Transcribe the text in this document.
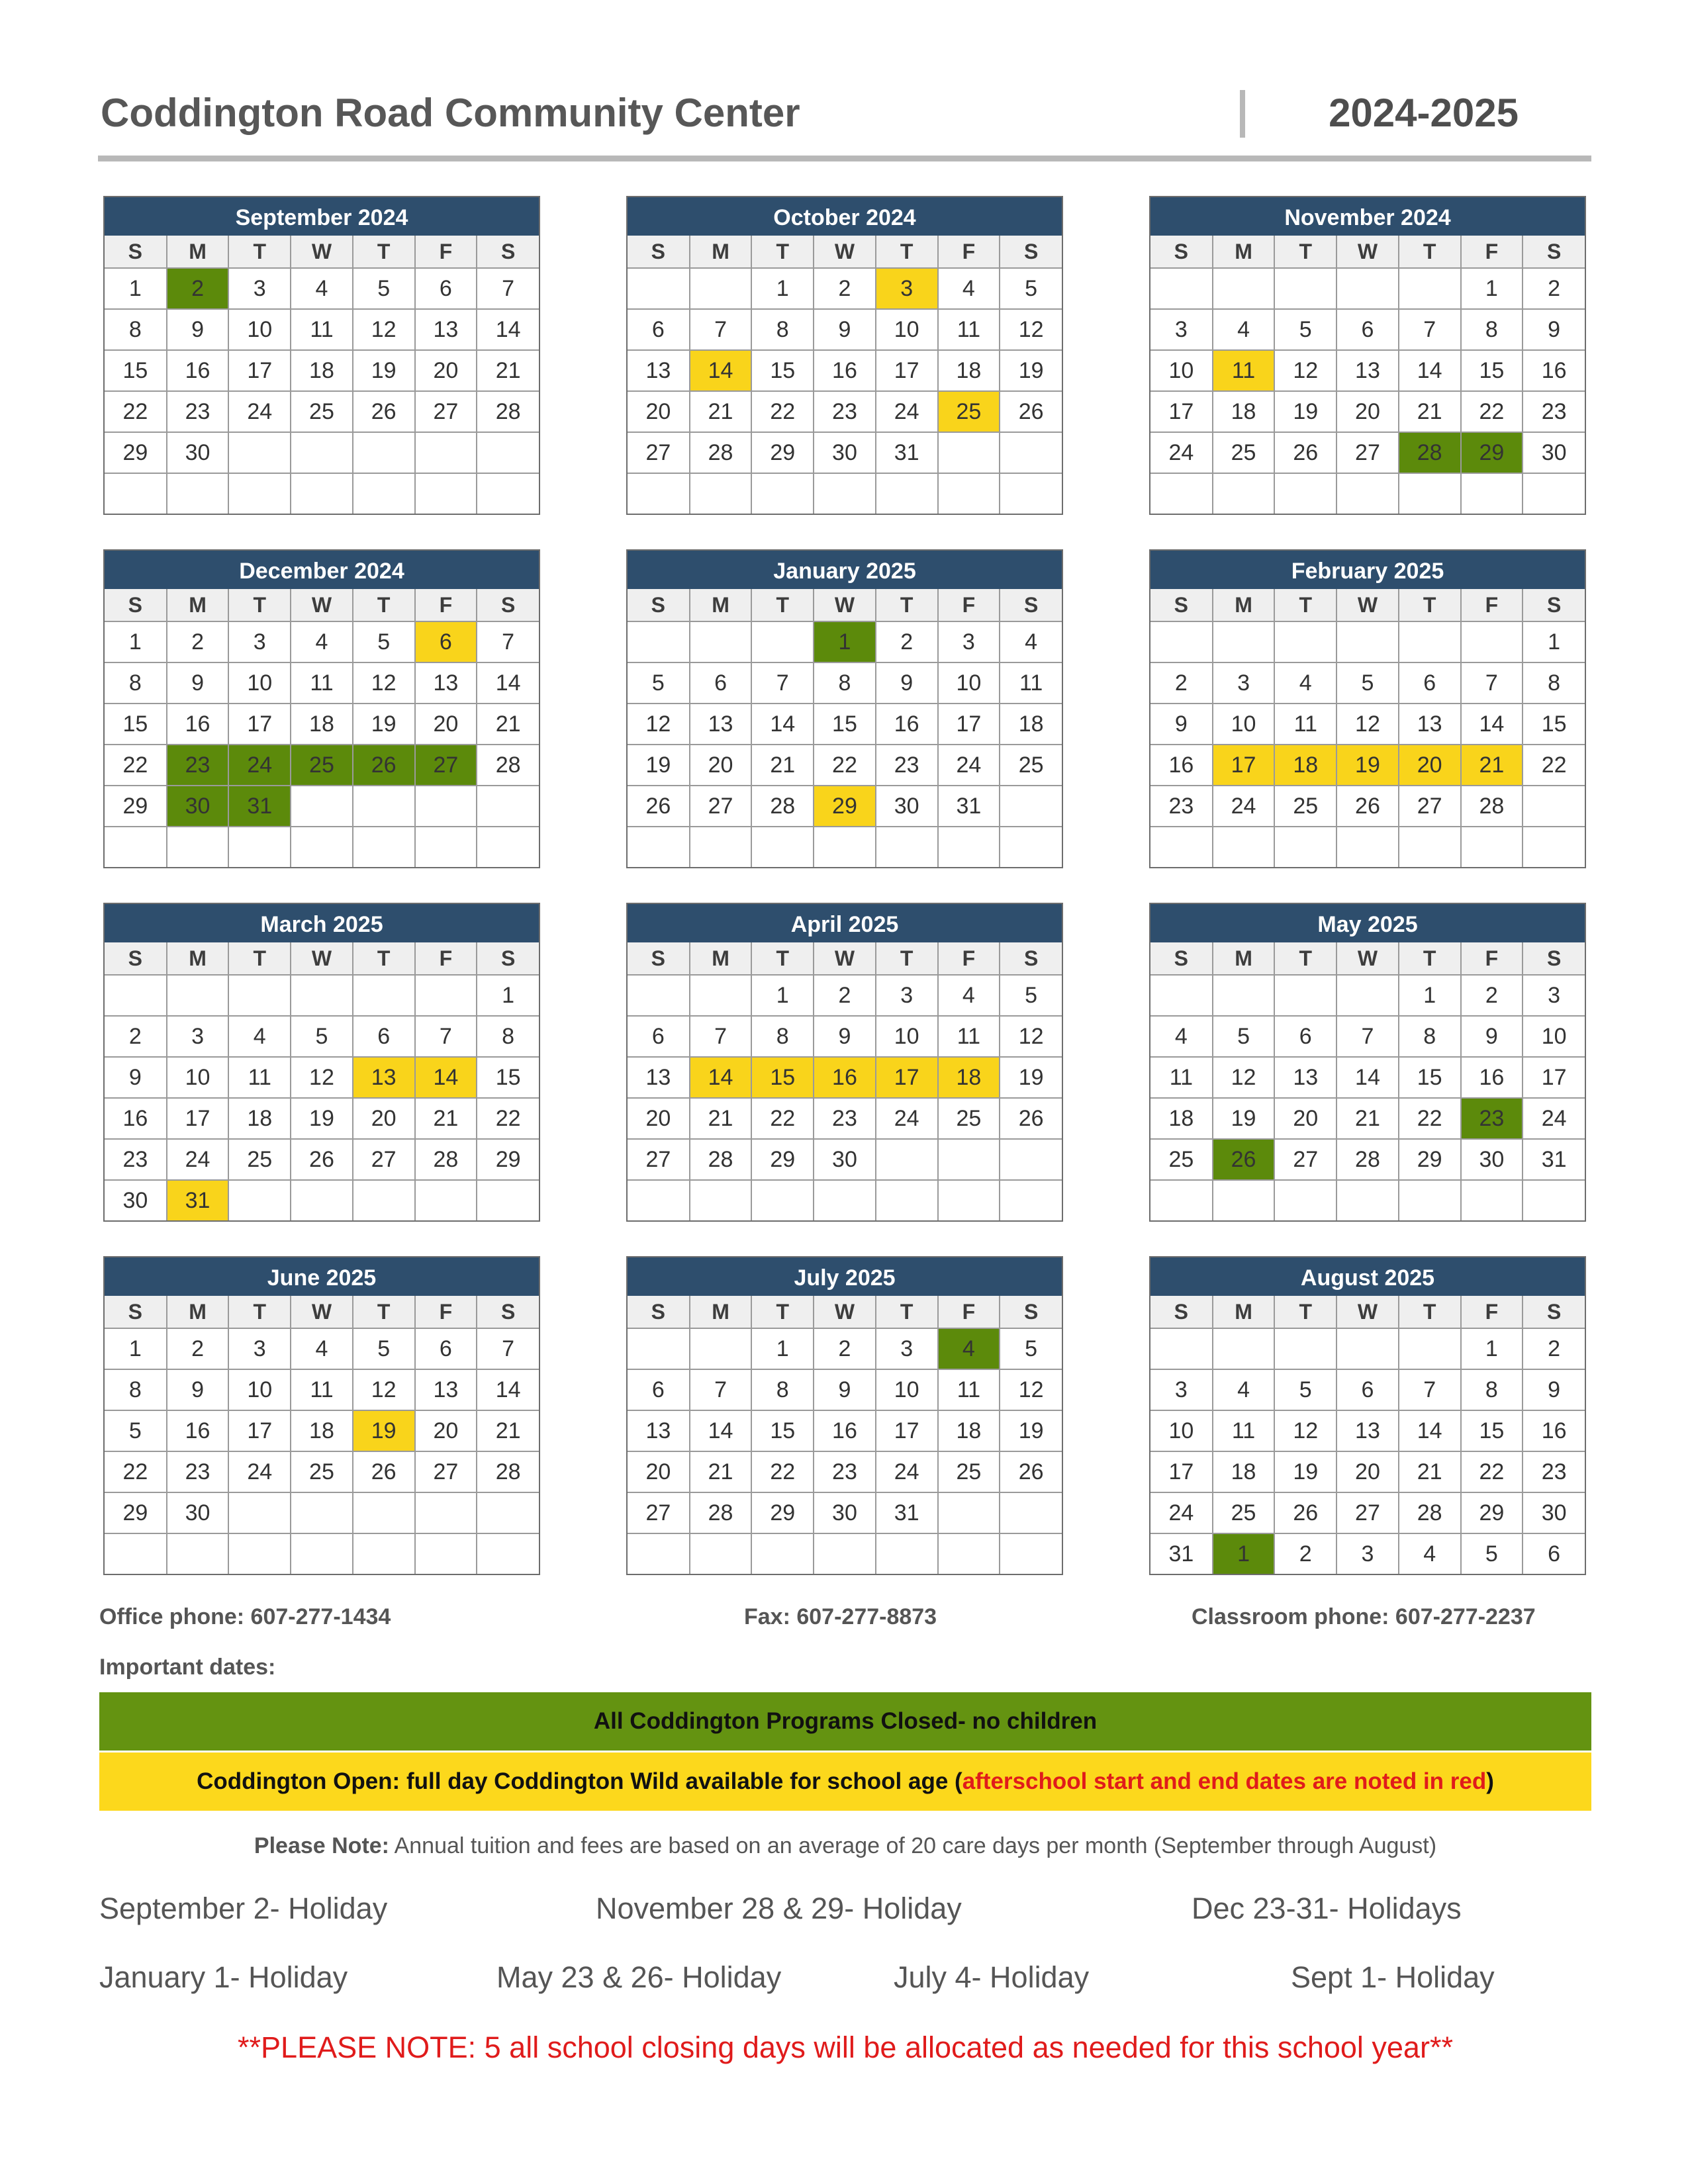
Coddington Road Community Center	2024-2025
September 2024
S	M	T	W	T	F	S
1	2	3	4	5	6	7
8	9	10	11	12	13	14
15	16	17	18	19	20	21
22	23	24	25	26	27	28
29	30					

October 2024
S	M	T	W	T	F	S
		1	2	3	4	5
6	7	8	9	10	11	12
13	14	15	16	17	18	19
20	21	22	23	24	25	26
27	28	29	30	31		

November 2024
S	M	T	W	T	F	S
					1	2
3	4	5	6	7	8	9
10	11	12	13	14	15	16
17	18	19	20	21	22	23
24	25	26	27	28	29	30

December 2024
S	M	T	W	T	F	S
1	2	3	4	5	6	7
8	9	10	11	12	13	14
15	16	17	18	19	20	21
22	23	24	25	26	27	28
29	30	31				

January 2025
S	M	T	W	T	F	S
			1	2	3	4
5	6	7	8	9	10	11
12	13	14	15	16	17	18
19	20	21	22	23	24	25
26	27	28	29	30	31	

February 2025
S	M	T	W	T	F	S
						1
2	3	4	5	6	7	8
9	10	11	12	13	14	15
16	17	18	19	20	21	22
23	24	25	26	27	28	

March 2025
S	M	T	W	T	F	S
						1
2	3	4	5	6	7	8
9	10	11	12	13	14	15
16	17	18	19	20	21	22
23	24	25	26	27	28	29
30	31					
April 2025
S	M	T	W	T	F	S
		1	2	3	4	5
6	7	8	9	10	11	12
13	14	15	16	17	18	19
20	21	22	23	24	25	26
27	28	29	30			

May 2025
S	M	T	W	T	F	S
				1	2	3
4	5	6	7	8	9	10
11	12	13	14	15	16	17
18	19	20	21	22	23	24
25	26	27	28	29	30	31

June 2025
S	M	T	W	T	F	S
1	2	3	4	5	6	7
8	9	10	11	12	13	14
5	16	17	18	19	20	21
22	23	24	25	26	27	28
29	30					

July 2025
S	M	T	W	T	F	S
		1	2	3	4	5
6	7	8	9	10	11	12
13	14	15	16	17	18	19
20	21	22	23	24	25	26
27	28	29	30	31		

August 2025
S	M	T	W	T	F	S
					1	2
3	4	5	6	7	8	9
10	11	12	13	14	15	16
17	18	19	20	21	22	23
24	25	26	27	28	29	30
31	1	2	3	4	5	6
Office phone: 607-277-1434	Fax: 607-277-8873	Classroom phone: 607-277-2237
Important dates:
All Coddington Programs Closed- no children
Coddington Open: full day Coddington Wild available for school age (afterschool start and end dates are noted in red)
Please Note: Annual tuition and fees are based on an average of 20 care days per month (September through August)
September 2- Holiday	November 28 & 29- Holiday	Dec 23-31- Holidays
January 1- Holiday	May 23 & 26- Holiday	July 4- Holiday	Sept 1- Holiday
**PLEASE NOTE: 5 all school closing days will be allocated as needed for this school year**
